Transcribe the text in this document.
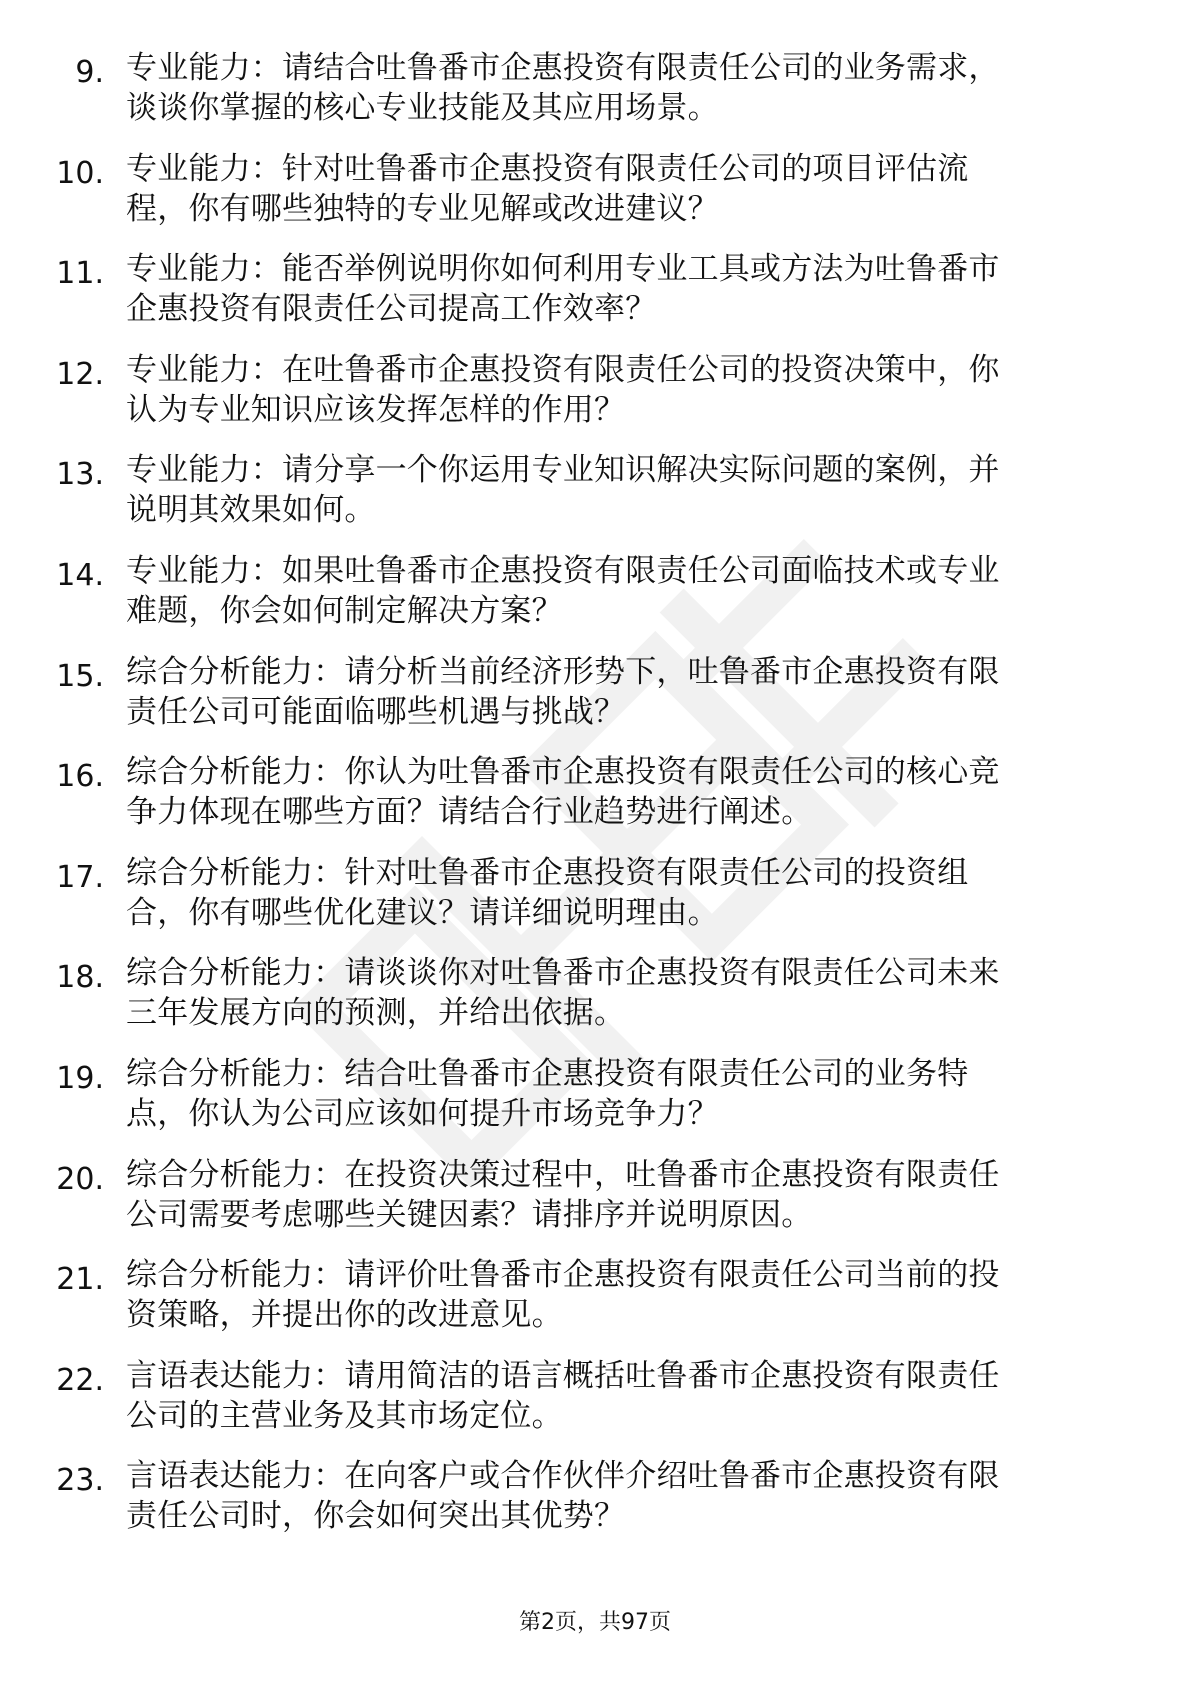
9. 专业能力：请结合吐鲁番市企惠投资有限责任公司的业务需求，
谈谈你掌握的核心专业技能及其应用场景。

10. 专业能力：针对吐鲁番市企惠投资有限责任公司的项目评估流
程，你有哪些独特的专业见解或改进建议？

11. 专业能力：能否举例说明你如何利用专业工具或方法为吐鲁番市
企惠投资有限责任公司提高工作效率？

12. 专业能力：在吐鲁番市企惠投资有限责任公司的投资决策中，你
认为专业知识应该发挥怎样的作用？

13. 专业能力：请分享一个你运用专业知识解决实际问题的案例，并
说明其效果如何。

14. 专业能力：如果吐鲁番市企惠投资有限责任公司面临技术或专业
难题，你会如何制定解决方案？

15. 综合分析能力：请分析当前经济形势下，吐鲁番市企惠投资有限
责任公司可能面临哪些机遇与挑战？

16. 综合分析能力：你认为吐鲁番市企惠投资有限责任公司的核心竞
争力体现在哪些方面？请结合行业趋势进行阐述。

17. 综合分析能力：针对吐鲁番市企惠投资有限责任公司的投资组
合，你有哪些优化建议？请详细说明理由。

18. 综合分析能力：请谈谈你对吐鲁番市企惠投资有限责任公司未来
三年发展方向的预测，并给出依据。

19. 综合分析能力：结合吐鲁番市企惠投资有限责任公司的业务特
点，你认为公司应该如何提升市场竞争力？

20. 综合分析能力：在投资决策过程中，吐鲁番市企惠投资有限责任
公司需要考虑哪些关键因素？请排序并说明原因。

21. 综合分析能力：请评价吐鲁番市企惠投资有限责任公司当前的投
资策略，并提出你的改进意见。

22. 言语表达能力：请用简洁的语言概括吐鲁番市企惠投资有限责任
公司的主营业务及其市场定位。

23. 言语表达能力：在向客户或合作伙伴介绍吐鲁番市企惠投资有限
责任公司时，你会如何突出其优势？

第2页，共97页
